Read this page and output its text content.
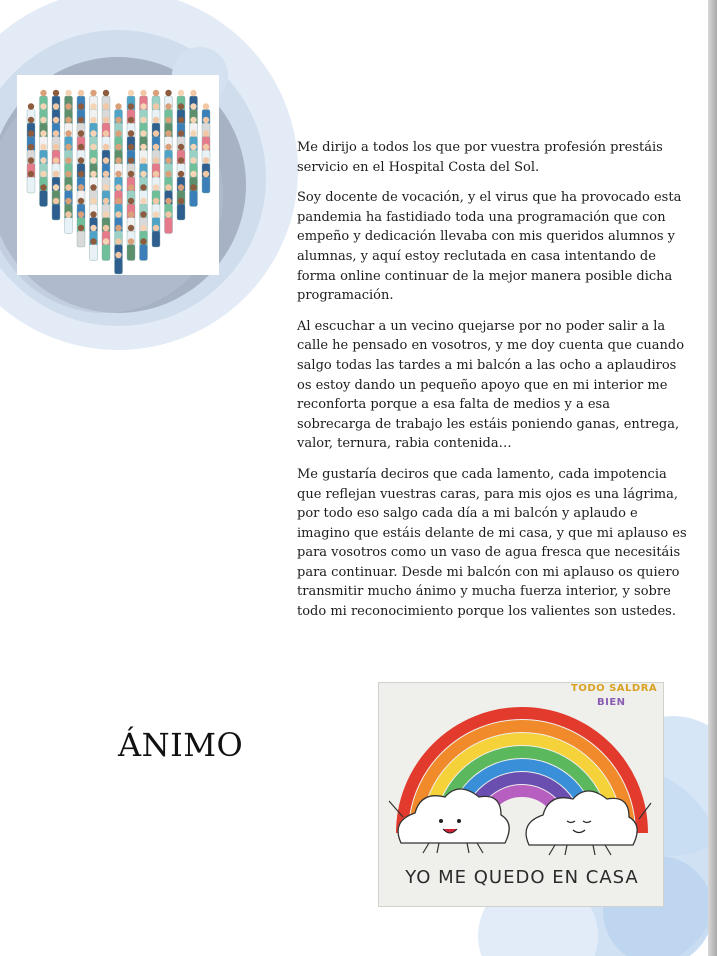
Me dirijo a todos los que por vuestra profesión prestáis servicio en el Hospital Costa del Sol.

Soy docente de vocación, y el virus que ha provocado esta pandemia ha fastidiado toda una programación que con empeño y dedicación llevaba con mis queridos alumnos y alumnas, y aquí estoy reclutada en casa intentando de forma online continuar de la mejor manera posible dicha programación.

Al escuchar a un vecino quejarse por no poder salir a la calle he pensado en vosotros, y me doy cuenta que cuando salgo todas las tardes a mi balcón a las ocho a aplaudiros os estoy dando un pequeño apoyo que en mi interior me reconforta porque a esa falta de medios y a esa sobrecarga de trabajo les estáis poniendo ganas, entrega, valor, ternura, rabia contenida…

Me gustaría deciros que cada lamento, cada impotencia que reflejan vuestras caras, para mis ojos es una lágrima, por todo eso salgo cada día a mi balcón y aplaudo e imagino que estáis delante de mi casa, y que mi aplauso es para vosotros como un vaso de agua fresca que necesitáis para continuar. Desde mi balcón con mi aplauso os quiero transmitir mucho ánimo y mucha fuerza interior, y sobre todo mi reconocimiento porque los valientes son ustedes.

ÁNIMO
TODO SALDRÁ
BIEN
YO ME QUEDO EN CASA
